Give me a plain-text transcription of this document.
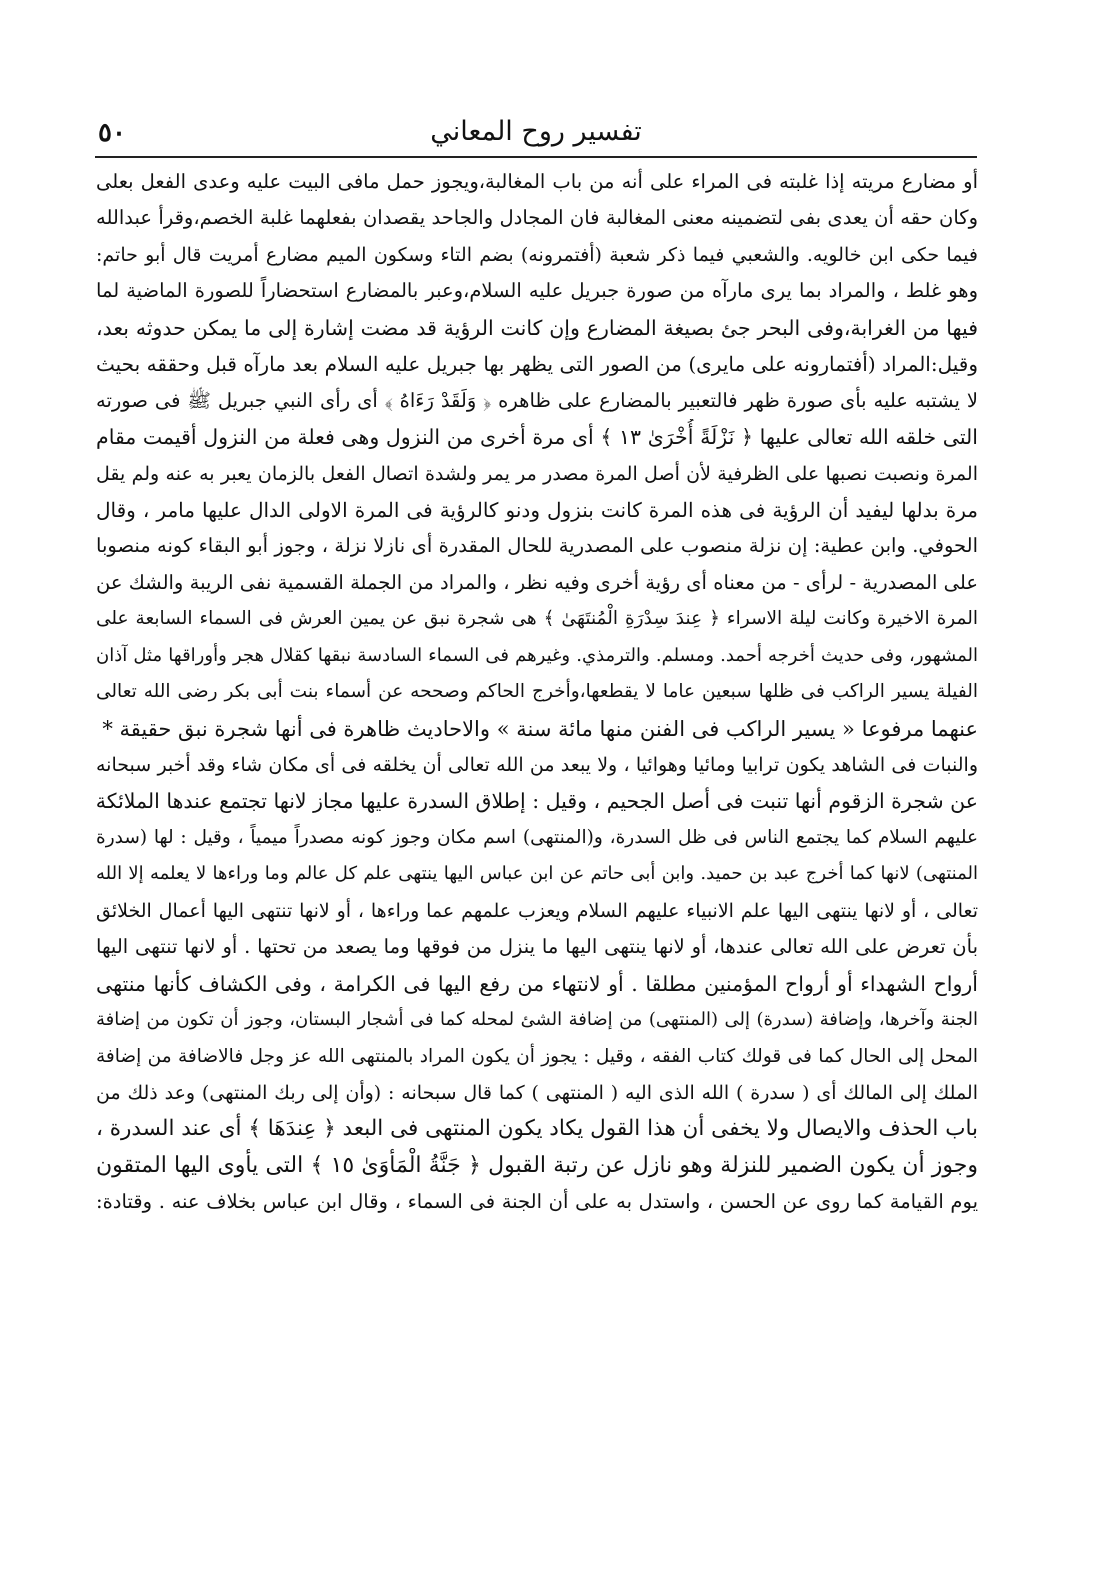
٥٠	تفسير روح المعاني
أو مضارع مريته إذا غلبته فى المراء على أنه من باب المغالبة،ويجوز حمل مافى البيت عليه وعدى الفعل بعلى
وكان حقه أن يعدى بفى لتضمينه معنى المغالبة فان المجادل والجاحد يقصدان بفعلهما غلبة الخصم،وقرأ عبدالله
فيما حكى ابن خالويه. والشعبي فيما ذكر شعبة (أفتمرونه) بضم التاء وسكون الميم مضارع أمريت قال أبو حاتم:
وهو غلط ، والمراد بما يرى مارآه من صورة جبريل عليه السلام،وعبر بالمضارع استحضاراً للصورة الماضية لما
فيها من الغرابة،وفى البحر جئ بصيغة المضارع وإن كانت الرؤية قد مضت إشارة إلى ما يمكن حدوثه بعد،
وقيل:المراد (أفتمارونه على مايرى) من الصور التى يظهر بها جبريل عليه السلام بعد مارآه قبل وحققه بحيث
لا يشتبه عليه بأى صورة ظهر فالتعبير بالمضارع على ظاهره ﴿ وَلَقَدْ رَءَاهُ ﴾ أى رأى النبي جبريل ﷺ فى صورته
التى خلقه الله تعالى عليها ﴿ نَزْلَةً أُخْرَىٰ ١٣ ﴾ أى مرة أخرى من النزول وهى فعلة من النزول أقيمت مقام
المرة ونصبت نصبها على الظرفية لأن أصل المرة مصدر مر يمر ولشدة اتصال الفعل بالزمان يعبر به عنه ولم يقل
مرة بدلها ليفيد أن الرؤية فى هذه المرة كانت بنزول ودنو كالرؤية فى المرة الاولى الدال عليها مامر ، وقال
الحوفي. وابن عطية: إن نزلة منصوب على المصدرية للحال المقدرة أى نازلا نزلة ، وجوز أبو البقاء كونه منصوبا
على المصدرية - لرأى - من معناه أى رؤية أخرى وفيه نظر ، والمراد من الجملة القسمية نفى الريبة والشك عن
المرة الاخيرة وكانت ليلة الاسراء ﴿ عِندَ سِدْرَةِ الْمُنتَهَىٰ ﴾ هى شجرة نبق عن يمين العرش فى السماء السابعة على
المشهور، وفى حديث أخرجه أحمد. ومسلم. والترمذي. وغيرهم فى السماء السادسة نبقها كقلال هجر وأوراقها مثل آذان
الفيلة يسير الراكب فى ظلها سبعين عاما لا يقطعها،وأخرج الحاكم وصححه عن أسماء بنت أبى بكر رضى الله تعالى
عنهما مرفوعا « يسير الراكب فى الفنن منها مائة سنة » والاحاديث ظاهرة فى أنها شجرة نبق حقيقة *
والنبات فى الشاهد يكون ترابيا ومائيا وهوائيا ، ولا يبعد من الله تعالى أن يخلقه فى أى مكان شاء وقد أخبر سبحانه
عن شجرة الزقوم أنها تنبت فى أصل الجحيم ، وقيل : إطلاق السدرة عليها مجاز لانها تجتمع عندها الملائكة
عليهم السلام كما يجتمع الناس فى ظل السدرة، و(المنتهى) اسم مكان وجوز كونه مصدراً ميمياً ، وقيل : لها (سدرة
المنتهى) لانها كما أخرج عبد بن حميد. وابن أبى حاتم عن ابن عباس اليها ينتهى علم كل عالم وما وراءها لا يعلمه إلا الله
تعالى ، أو لانها ينتهى اليها علم الانبياء عليهم السلام ويعزب علمهم عما وراءها ، أو لانها تنتهى اليها أعمال الخلائق
بأن تعرض على الله تعالى عندها، أو لانها ينتهى اليها ما ينزل من فوقها وما يصعد من تحتها . أو لانها تنتهى اليها
أرواح الشهداء أو أرواح المؤمنين مطلقا . أو لانتهاء من رفع اليها فى الكرامة ، وفى الكشاف كأنها منتهى
الجنة وآخرها، وإضافة (سدرة) إلى (المنتهى) من إضافة الشئ لمحله كما فى أشجار البستان، وجوز أن تكون من إضافة
المحل إلى الحال كما فى قولك كتاب الفقه ، وقيل : يجوز أن يكون المراد بالمنتهى الله عز وجل فالاضافة من إضافة
الملك إلى المالك أى ( سدرة ) الله الذى اليه ( المنتهى ) كما قال سبحانه : (وأن إلى ربك المنتهى) وعد ذلك من
باب الحذف والايصال ولا يخفى أن هذا القول يكاد يكون المنتهى فى البعد ﴿ عِندَهَا ﴾ أى عند السدرة ،
وجوز أن يكون الضمير للنزلة وهو نازل عن رتبة القبول ﴿ جَنَّةُ الْمَأْوَىٰ ١٥ ﴾ التى يأوى اليها المتقون
يوم القيامة كما روى عن الحسن ، واستدل به على أن الجنة فى السماء ، وقال ابن عباس بخلاف عنه . وقتادة:
